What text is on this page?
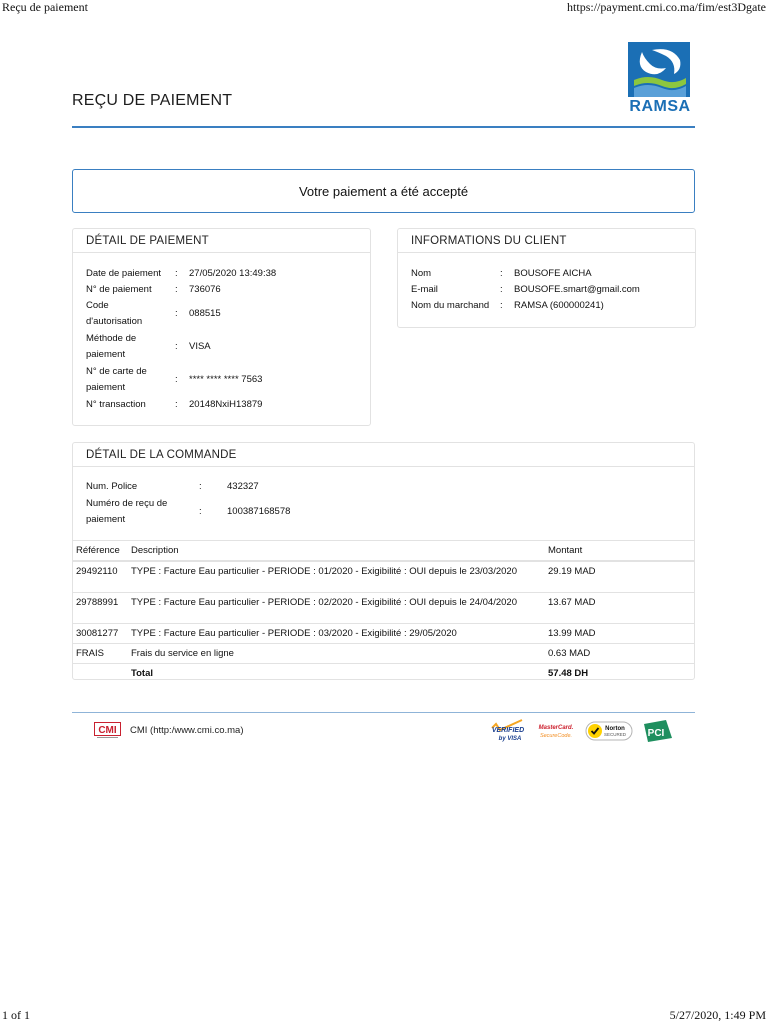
Reçu de paiement	https://payment.cmi.co.ma/fim/est3Dgate
REÇU DE PAIEMENT	RAMSA
Votre paiement a été accepté
DÉTAIL DE PAIEMENT
Date de paiement : 27/05/2020 13:49:38
N° de paiement : 736076
Code
d'autorisation
: 088515
Méthode de
paiement
: VISA
N° de carte de
paiement
: **** **** **** 7563
N° transaction	: 20148NxiH13879
INFORMATIONS DU CLIENT
Nom	: BOUSOFE AICHA
E-mail	: BOUSOFE.smart@gmail.com
Nom du marchand : RAMSA (600000241)
DÉTAIL DE LA COMMANDE
Num. Police	:	432327
Numéro de reçu de
paiement
:	100387168578
Référence Description	Montant
29492110 TYPE : Facture Eau particulier - PERIODE : 01/2020 - Exigibilité : OUI depuis le 23/03/2020	29.19 MAD
29788991 TYPE : Facture Eau particulier - PERIODE : 02/2020 - Exigibilité : OUI depuis le 24/04/2020	13.67 MAD
30081277 TYPE : Facture Eau particulier - PERIODE : 03/2020 - Exigibilité : 29/05/2020	13.99 MAD
FRAIS	Frais du service en ligne	0.63 MAD
Total	57.48 DH
CMI CMI (http:/www.cmi.co.ma)	VERIFIED
by VISA
MasterCard.
SecureCode.
Norton
SECURED PCI
1 of 1	5/27/2020, 1:49 PM
